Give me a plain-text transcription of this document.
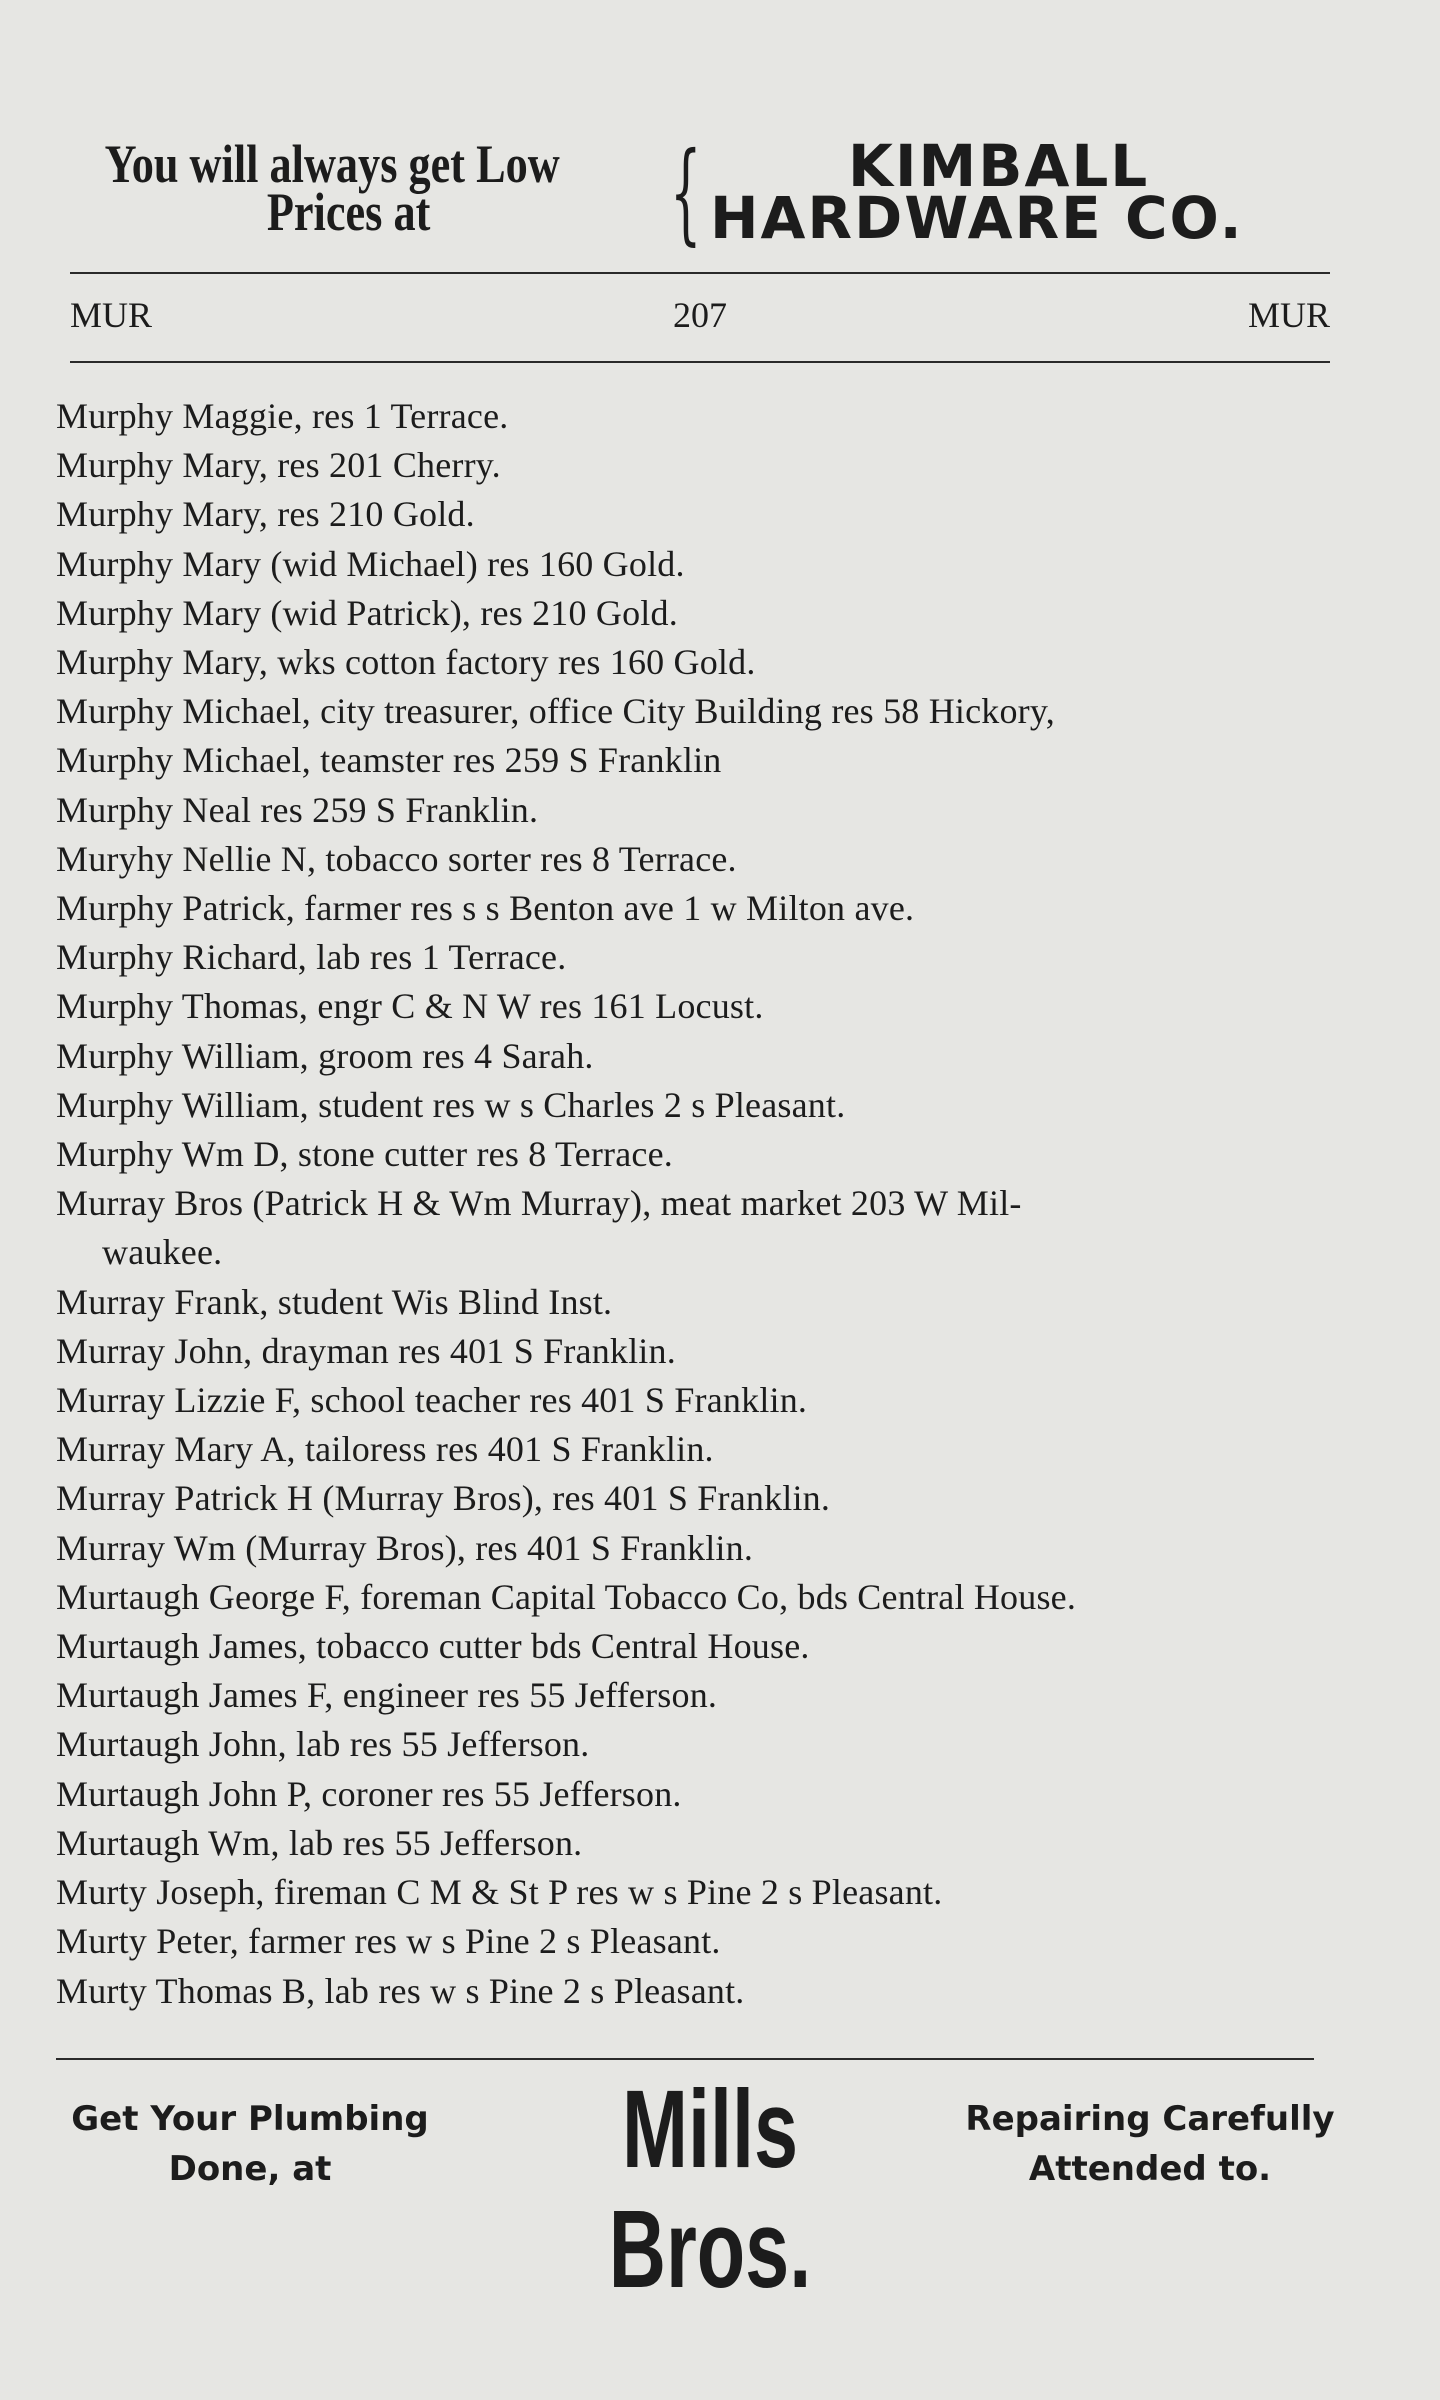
You will always get Low
Prices at	{	KIMBALL
HARDWARE CO.
MUR	207	MUR
Murphy Maggie, res 1 Terrace.
Murphy Mary, res 201 Cherry.
Murphy Mary, res 210 Gold.
Murphy Mary (wid Michael) res 160 Gold.
Murphy Mary (wid Patrick), res 210 Gold.
Murphy Mary, wks cotton factory res 160 Gold.
Murphy Michael, city treasurer, office City Building res 58 Hickory,
Murphy Michael, teamster res 259 S Franklin
Murphy Neal res 259 S Franklin.
Muryhy Nellie N, tobacco sorter res 8 Terrace.
Murphy Patrick, farmer res s s Benton ave 1 w Milton ave.
Murphy Richard, lab res 1 Terrace.
Murphy Thomas, engr C & N W res 161 Locust.
Murphy William, groom res 4 Sarah.
Murphy William, student res w s Charles 2 s Pleasant.
Murphy Wm D, stone cutter res 8 Terrace.
Murray Bros (Patrick H & Wm Murray), meat market 203 W Mil-
waukee.
Murray Frank, student Wis Blind Inst.
Murray John, drayman res 401 S Franklin.
Murray Lizzie F, school teacher res 401 S Franklin.
Murray Mary A, tailoress res 401 S Franklin.
Murray Patrick H (Murray Bros), res 401 S Franklin.
Murray Wm (Murray Bros), res 401 S Franklin.
Murtaugh George F, foreman Capital Tobacco Co, bds Central House.
Murtaugh James, tobacco cutter bds Central House.
Murtaugh James F, engineer res 55 Jefferson.
Murtaugh John, lab res 55 Jefferson.
Murtaugh John P, coroner res 55 Jefferson.
Murtaugh Wm, lab res 55 Jefferson.
Murty Joseph, fireman C M & St P res w s Pine 2 s Pleasant.
Murty Peter, farmer res w s Pine 2 s Pleasant.
Murty Thomas B, lab res w s Pine 2 s Pleasant.
Get Your Plumbing
Done, at	Mills Bros.
Repairing Carefully
Attended to.
